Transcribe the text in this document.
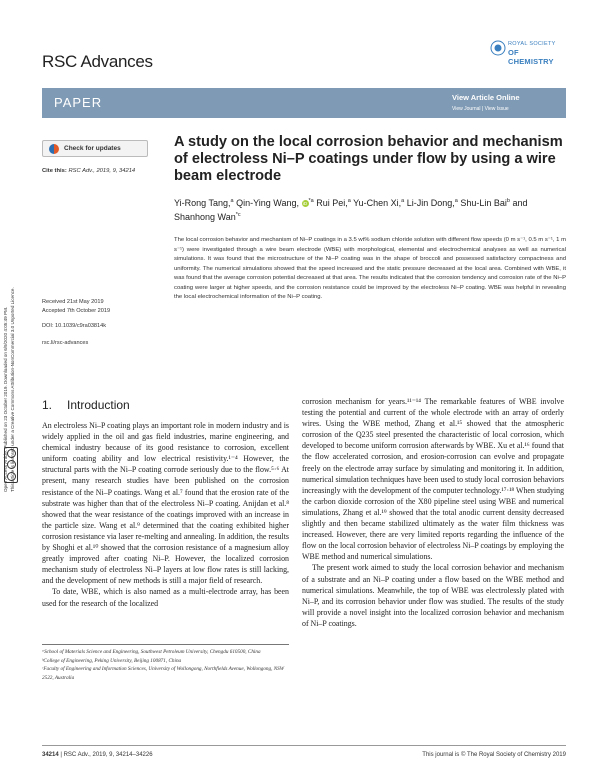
Open Access Article. Published on 23 October 2019. Downloaded on 6/9/2020 4:05:49 PM. This article is licensed under a Creative Commons Attribution-NonCommercial 3.0 Unported Licence.
RSC Advances
ROYAL SOCIETY
OF CHEMISTRY
PAPER	View Article Online
View Journal | View Issue
Check for updates
Cite this: RSC Adv., 2019, 9, 34214
A study on the local corrosion behavior and mechanism of electroless Ni–P coatings under flow by using a wire beam electrode
Yi-Rong Tang,$^a$ Qin-Ying Wang, $iD^{*a}$ Rui Pei,$^a$ Yu-Chen Xi,$^a$ Li-Jin Dong,$^a$ Shu-Lin Bai$^b$ and Shanhong Wan$^{*c}$
The local corrosion behavior and mechanism of Ni–P coatings in a 3.5 wt% sodium chloride solution with different flow speeds (0 m s⁻¹, 0.5 m s⁻¹, 1 m s⁻¹) were investigated through a wire beam electrode (WBE) with morphological, elemental and electrochemical analyses as well as numerical simulations. It was found that the microstructure of the Ni–P coating was in the shape of broccoli and possessed satisfactory compactness and uniformity. The numerical simulations showed that the speed increased and the static pressure decreased at the local area. Combined with WBE, it was found that the average corrosion potential decreased at that area. The results indicated that the corrosion tendency and corrosion rate of the Ni–P coating were larger at higher speeds, and the corrosion resistance could be improved by the electroless Ni–P coating. WBE was helpful in revealing the local electrochemical information of the Ni–P coating.
Received 21st May 2019
Accepted 7th October 2019
DOI: 10.1039/c9ra03814k
rsc.li/rsc-advances
1. Introduction

An electroless Ni–P coating plays an important role in modern industry and is widely applied in the oil and gas field industries, marine engineering, and chemical industry because of its good resistance to corrosion, excellent uniform coating ability and low electrical resistivity.¹⁻⁴ However, the structural parts with the Ni–P coating corrode seriously due to the flow.⁵·⁶ At present, many research studies have been published on the corrosion resistance of the Ni–P coatings. Wang et al.⁷ found that the erosion rate of the substrate was higher than that of the electroless Ni–P coating. Anijdan et al.⁸ showed that the wear resistance of the coatings improved with an increase in the particle size. Wang et al.⁹ determined that the coating exhibited higher corrosion resistance via laser re-melting and annealing. In addition, the results by Shoghi et al.¹⁰ showed that the corrosion resistance of a magnesium alloy greatly improved after coating Ni–P. However, the localized corrosion mechanism study of electroless Ni–P layers at low flow rates is still lacking, and the development of new methods is still a major field of research.

To date, WBE, which is also named as a multi-electrode array, has been used for the research of the localized

corrosion mechanism for years.¹¹⁻¹⁴ The remarkable features of WBE involve testing the potential and current of the whole electrode with an array of orderly wires. Using the WBE method, Zhang et al.¹⁵ showed that the atmospheric corrosion of the Q235 steel presented the characteristic of local corrosion, which developed to become uniform corrosion afterwards by WBE. Xu et al.¹⁶ found that the flow accelerated corrosion, and erosion-corrosion can evolve and propagate freely on the electrode array surface by simulating and monitoring it. In addition, numerical simulation techniques have been used to study local corrosion behaviors increasingly with the development of the computer technology.¹⁷·¹⁸ When studying the carbon dioxide corrosion of the X80 pipeline steel using WBE and numerical simulations, Zhang et al.¹⁹ showed that the total anodic current density decreased slightly and then became stabilized ultimately as the water film thickness was increased. However, there are very limited reports regarding the influence of the flow on the local corrosion behavior of electroless Ni–P coatings by employing the WBE method and numerical simulations.

The present work aimed to study the local corrosion behavior and mechanism of a substrate and an Ni–P coating under a flow based on the WBE method and numerical simulations. Meanwhile, the top of WBE was electrolessly plated with Ni–P, and its corrosion behavior under flow was studied. The results of the study will provide a novel insight into the localized corrosion behavior and mechanism of Ni–P coatings.

ᵃSchool of Materials Science and Engineering, Southwest Petroleum University, Chengdu 610500, China

ᵇCollege of Engineering, Peking University, Beijing 100871, China

ᶜFaculty of Engineering and Information Sciences, University of Wollongong, Northfields Avenue, Wollongong, NSW 2522, Australia

34214 | RSC Adv., 2019, 9, 34214–34226	This journal is © The Royal Society of Chemistry 2019
